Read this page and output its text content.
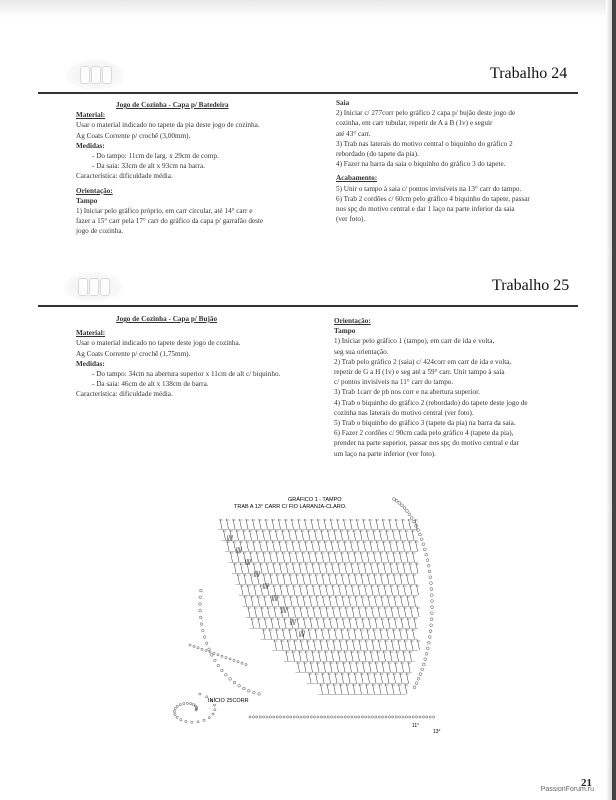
Trabalho 24

Jogo de Cozinha - Capa p/ Batedeira

Material:

Usar o material indicado no tapete da pia deste jogo de cozinha.

Ag Coats Corrente p/ crochê (3,00mm).

Medidas:

- Do tampo: 11cm de larg. x 29cm de comp.

- Da saia: 33cm de alt x 93cm na barra.

Característica: dificuldade média.

Orientação:

Tampo

1) Iniciar pelo gráfico próprio, em carr circular, até 14° carr e

fazer a 15° carr pela 17° carr do gráfico da capa p/ garrafão deste

jogo de cozinha.

Saia

2) Iniciar c/ 277corr pelo gráfico 2 capa p/ bujão deste jogo de

cozinha, em carr tubular, repetir de A a B (1v) e seguir

até 43° carr.

3) Trab nas laterais do motivo central o biquinho do gráfico 2

rebordado (do tapete da pia).

4) Fazer na barra da saia o biquinho do gráfico 3 do tapete.

Acabamento:

5) Unir o tampo à saia c/ pontos invisíveis na 13° carr do tampo.

6) Trab 2 cordões c/ 60cm pelo gráfico 4 biquinho do tapete, passar

nos spç do motivo central e dar 1 laço na parte inferior da saia

(ver foto).

Trabalho 25

Jogo de Cozinha - Capa p/ Bujão

Material:

Usar o material indicado no tapete deste jogo de cozinha.

Ag Coats Corrente p/ crochê (1,75mm).

Medidas:

- Do tampo: 34cm na abertura superior x 11cm de alt c/ biquinho.

- Da saia: 46cm de alt x 138cm de barra.

Característica: dificuldade média.

Orientação:

Tampo

1) Iniciar pelo gráfico 1 (tampo), em carr de ida e volta,

seg sua orientação.

2) Trab pelo gráfico 2 (saia) c/ 424corr em carr de ida e volta,

repetir de G a H (1v) e seg até a 59° carr. Unir tampo à saia

c/ pontos invisíveis na 11° carr do tampo.

3) Trab 1carr de pb nos corr e na abertura superior.

4) Trab o biquinho do gráfico 2 (rebordado) do tapete deste jogo de

cozinha nas laterais do motivo central (ver foto).

5) Trab o biquinho do gráfico 3 (tapete da pia) na barra da saia.

6) Fazer 2 cordões c/ 90cm cada pelo gráfico 4 (tapete da pia),

prender na parte superior, passar nos spç do motivo central e dar

um laço na parte inferior (ver foto).

GRÁFICO 1 - TAMPO
TRAB A 13° CARR C/ FIO LARANJA-CLARO.
INÍCIO 25CORR
11°
13°
21
PassionForum.ru
